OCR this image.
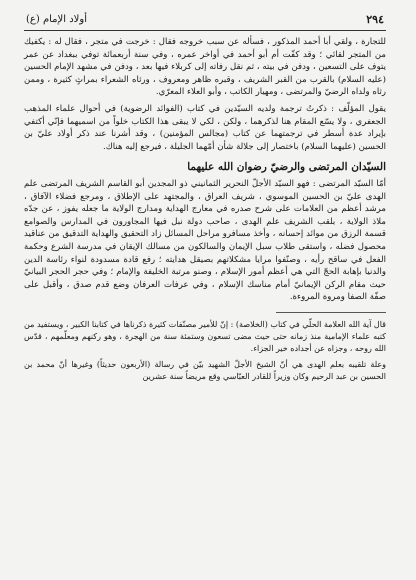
٢٩٤
أولاد الإمام (ع)

للتجارة ، ولقي أبا أحمد المذكور ، فسأله عن سبب خروجه فقال : خرجت في متجر ، فقال له : يكفيك من المتجر لقائي ؛ وقد كفّت أم أبو أحمد في أواخر عمره ، وفي سنة أربعمائة توفي ببغداد عن عمر يتوف على التسعين ، ودفن في بيته ، ثم نقل رفاته إلى كربلاء فيها بعد ، ودفن في مشهد الإمام الحسين (عليه السلام) بالقرب من القبر الشريف ، وقبره ظاهر ومعروف ، ورثاه الشعراء بمراثٍ كثيرة ، وممن رثاه ولداه الرضيّ والمرتضى ، ومهيار الكاتب ، وأبو العلاء المعرّي.

يقول المؤلّف : ذكرتُ ترجمة ولديه السيّدين في كتاب (الفوائد الرضوية) في أحوال علماء المذهب الجعفري ، ولا يسّع المقام هنا لذكرهما ، ولكن ، لكي لا يبقى هذا الكتاب خلواً من اسميهما فإنّي أكتفي بإيراد عدة أسطر في ترجمتهما عن كتاب (مجالس المؤمنين) ، وقد أشرنا عند ذكر أولاد عليّ بن الحسين (عليهما السلام) باختصار إلى جلالة شأن أمّهما الجليلة ، فيرجع إليه هناك.

السيّدان المرتضى والرضيّ رضوان الله عليهما

أمّا السيّد المرتضى : فهو السيّد الأجلّ النحرير الثمانيني ذو المجدين أبو القاسم الشريف المرتضى علم الهدى عليّ بن الحسين الموسوي ، شريف العراق ، والمجتهد على الإطلاق ، ومرجع فضلاء الآفاق ، مرشد أعظم من العلامات على شرح صدره في معارج الهداية ومدارج الولاية ما جعله يفوز ، عن جدّه ملاذ الولاية ، بلقب الشريف علم الهدى ، صاحب دولة نبل فيها المجاورون في المدارس والصوامع قسمة الرزق من موائد إحسانه ، وأخذ مسافرو مراحل المسائل زاد التحقيق والهداية التدقيق من عناقيد محصول فضله ، واستقى طلاب سبل الإيمان والسالكون من مسالك الإيقان في مدرسة الشرع وحكمة الفعل في ساقح رأيه ، وصنّفوا مرايا مشكلاتهم بصيقل هدايته ؛ رفع قادة مسدودة لنواء رئاسة الدين والدنيا بإهابة الحجّ التي هي أعظم أمور الإسلام ، وصنو مرتبة الخليفة والإمام ؛ وفي حجر الحجر البيانيّ حيث مقام الركن الإيمانيّ أمام مناسك الإسلام ، وفي عرفات العرفان وضع قدم صدق ، وأقبل على صفّة الصفا ومروة المروءة.

قال آية الله العلامة الحلّي في كتاب (الخلاصة) : إنّ للأمير مصنّفات كثيرة ذكرناها في كتابنا الكبير ، ويستفيد من كتبه علماء الإمامية منذ زمانه حتى حيث مضى تسعون وستمئة سنة من الهجرة ، وهو ركنهم ومعلّمهم ، قدّس الله روحه ، وجزاه عن أجداده خير الجزاء.

وعلة تلقيبه بعلم الهدى هي أنّ الشيخ الأجلّ الشهيد بيّن في رسالة (الأربعون حديثاً) وغيرها أنّ محمد بن الحسين بن عبد الرحيم وكان وزيراً للقادر العبّاسي وقع مريضاً سنة عشرين
